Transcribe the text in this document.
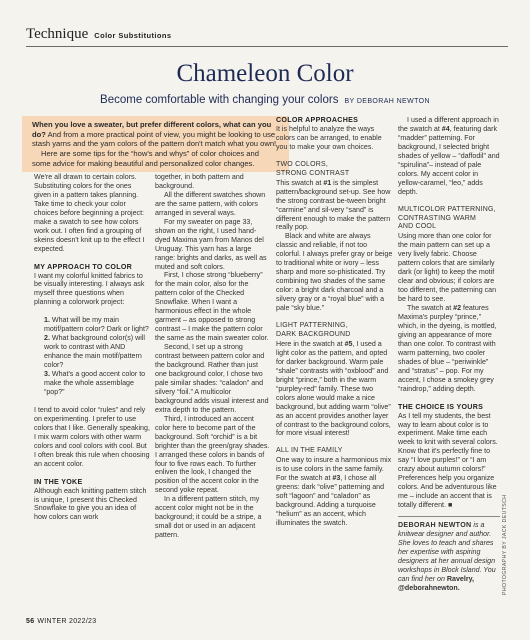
Technique Color Substitutions
Chameleon Color
Become comfortable with changing your colors BY DEBORAH NEWTON

When you love a sweater, but prefer different colors, what can you do? And from a more practical point of view, you might be looking to use stash yarns and the yarn colors of the pattern don't match what you own!

Here are some tips for the “how's and whys” of color choices and some advice for making beautiful and personalized color changes.

We're all drawn to certain colors. Substituting colors for the ones given in a pattern takes planning. Take time to check your color choices before beginning a project: make a swatch to see how colors work out. I often find a grouping of skeins doesn't knit up to the effect I expected.

MY APPROACH TO COLOR

I want my colorful knitted fabrics to be visually interesting. I always ask myself three questions when planning a colorwork project:

1. What will be my main motif/pattern color? Dark or light?
2. What background color(s) will work to contrast with AND enhance the main motif/pattern color?
3. What's a good accent color to make the whole assemblage “pop?”

I tend to avoid color “rules” and rely on experimenting. I prefer to use colors that I like. Generally speaking, I mix warm colors with other warm colors and cool colors with cool. But I often break this rule when choosing an accent color.

IN THE YOKE

Although each knitting pattern stitch is unique, I present this Checked Snowflake to give you an idea of how colors can work

together, in both pattern and background.

All the different swatches shown are the same pattern, with colors arranged in several ways.

For my sweater on page 33, shown on the right, I used hand-dyed Maxima yarn from Manos del Uruguay. This yarn has a large range: brights and darks, as well as muted and soft colors.

First, I chose strong “blueberry” for the main color, also for the pattern color of the Checked Snowflake. When I want a harmonious effect in the whole garment – as opposed to strong contrast – I make the pattern color the same as the main sweater color.

Second, I set up a strong contrast between pattern color and the background. Rather than just one background color, I chose two pale similar shades: “caladon” and silvery “foil.” A multicolor background adds visual interest and extra depth to the pattern.

Third, I introduced an accent color here to become part of the background. Soft “orchid” is a bit brighter than the green/gray shades. I arranged these colors in bands of four to five rows each. To further enliven the look, I changed the position of the accent color in the second yoke repeat.

In a different pattern stitch, my accent color might not be in the background; it could be a stripe, a small dot or used in an adjacent pattern.

COLOR APPROACHES

It is helpful to analyze the ways colors can be arranged, to enable you to make your own choices.

TWO COLORS,
STRONG CONTRAST

This swatch at #1 is the simplest pattern/background set-up. See how the strong contrast be-tween bright “carmine” and sil-very “sand” is different enough to make the pattern really pop.

Black and white are always classic and reliable, if not too colorful. I always prefer gray or beige to traditional white or ivory – less sharp and more so-phisticated. Try combining two shades of the same color: a bright dark charcoal and a silvery gray or a “royal blue” with a pale “sky blue.”

LIGHT PATTERNING,
DARK BACKGROUND

Here in the swatch at #5, I used a light color as the pattern, and opted for darker background. Warm pale “shale” contrasts with “oxblood” and bright “prince,” both in the warm “purpley-red” family. These two colors alone would make a nice background, but adding warm “olive” as an accent provides another layer of contrast to the background colors, for more visual interest!

ALL IN THE FAMILY

One way to insure a harmonious mix is to use colors in the same family. For the swatch at #3, I chose all greens: dark “olive” patterning and soft “lagoon” and “caladon” as background. Adding a turquoise “helium” as an accent, which illuminates the swatch.

I used a different approach in the swatch at #4, featuring dark “madder” patterning. For background, I selected bright shades of yellow – “daffodil” and “spirulina”– instead of pale colors. My accent color in yellow-caramel, “leo,” adds depth.

MULTICOLOR PATTERNING,
CONTRASTING WARM
AND COOL

Using more than one color for the main pattern can set up a very lively fabric. Choose pattern colors that are similarly dark (or light) to keep the motif clear and obvious; if colors are too different, the patterning can be hard to see.

The swatch at #2 features Maxima's purpley “prince,” which, in the dyeing, is mottled, giving an appearance of more than one color. To contrast with warm patterning, two cooler shades of blue – “periwinkle” and “stratus” – pop. For my accent, I chose a smokey grey “raindrop,” adding depth.

THE CHOICE IS YOURS

As I tell my students, the best way to learn about color is to experiment. Make time each week to knit with several colors. Know that it's perfectly fine to say “I love purples!” or “I am crazy about autumn colors!” Preferences help you organize colors. And be adventurous like me – include an accent that is totally different. ■

DEBORAH NEWTON is a knitwear designer and author. She loves to teach and shares her expertise with aspiring designers at her annual design workshops in Block Island. You can find her on Ravelry,
@deborahnewton.	PHOTOGRAPHY BY JACK DEUTSCH
56 WINTER 2022/23
